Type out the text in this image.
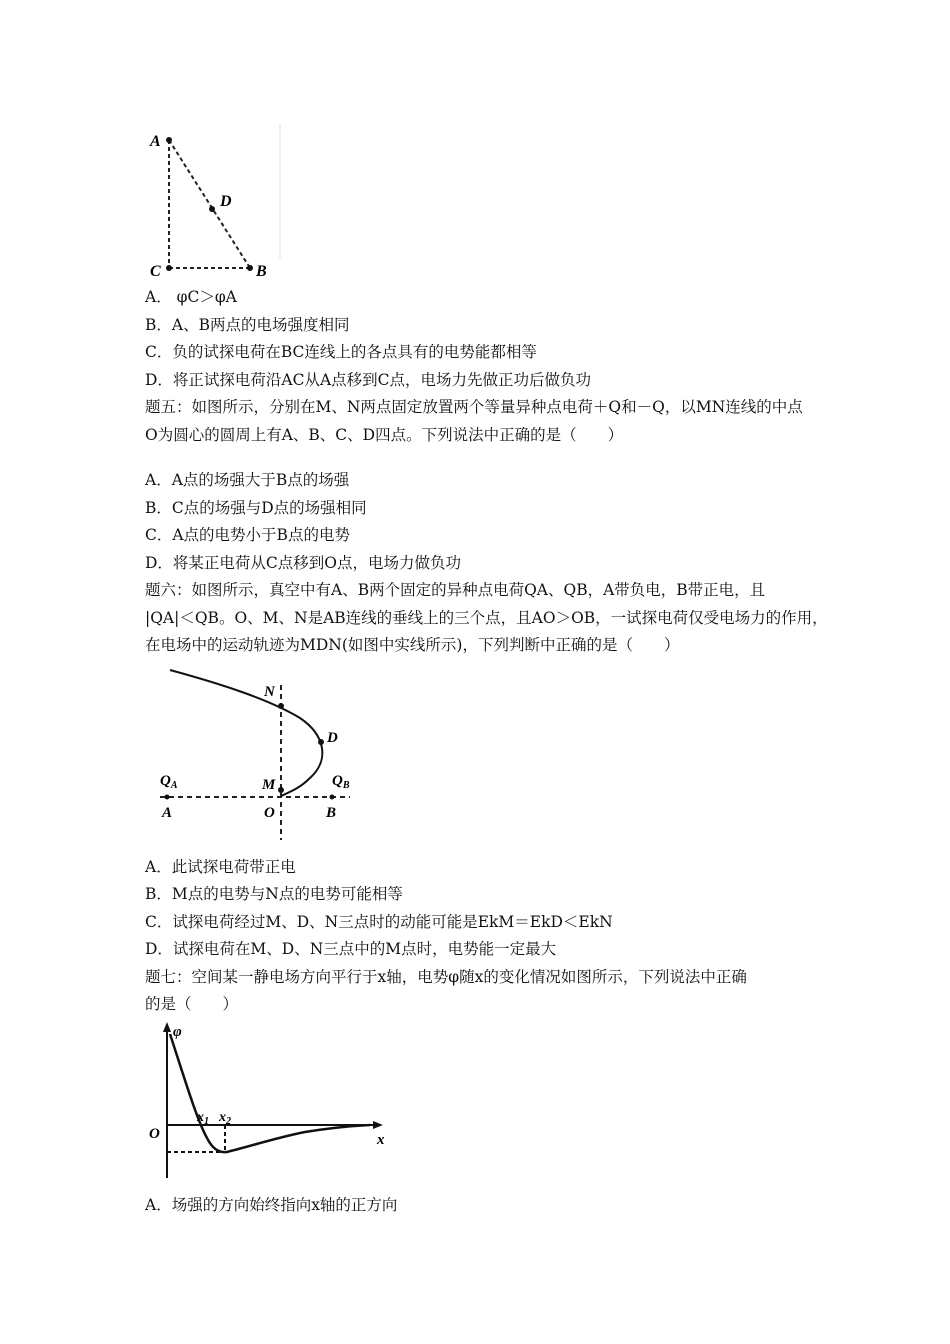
A
C	B
D
A． φC＞φA
B．A、B两点的电场强度相同
C．负的试探电荷在BC连线上的各点具有的电势能都相等
D．将正试探电荷沿AC从A点移到C点，电场力先做正功后做负功
题五：如图所示，分别在M、N两点固定放置两个等量异种点电荷＋Q和－Q，以MN连线的中点
O为圆心的圆周上有A、B、C、D四点。下列说法中正确的是（　　）
A．A点的场强大于B点的场强
B．C点的场强与D点的场强相同
C．A点的电势小于B点的电势
D．将某正电荷从C点移到O点，电场力做负功
题六：如图所示，真空中有A、B两个固定的异种点电荷QA、QB，A带负电，B带正电，且
|QA|＜QB。O、M、N是AB连线的垂线上的三个点，且AO＞OB，一试探电荷仅受电场力的作用，
在电场中的运动轨迹为MDN(如图中实线所示)，下列判断中正确的是（　　）
N
D
M
$Q_A$	$Q_B$
A	O	B
A．此试探电荷带正电
B．M点的电势与N点的电势可能相等
C．试探电荷经过M、D、N三点时的动能可能是EkM＝EkD＜EkN
D．试探电荷在M、D、N三点中的M点时，电势能一定最大
题七：空间某一静电场方向平行于x轴，电势φ随x的变化情况如图所示，下列说法中正确
的是（　　）
φ
O	x
$x_1$ $x_2$
A．场强的方向始终指向x轴的正方向
